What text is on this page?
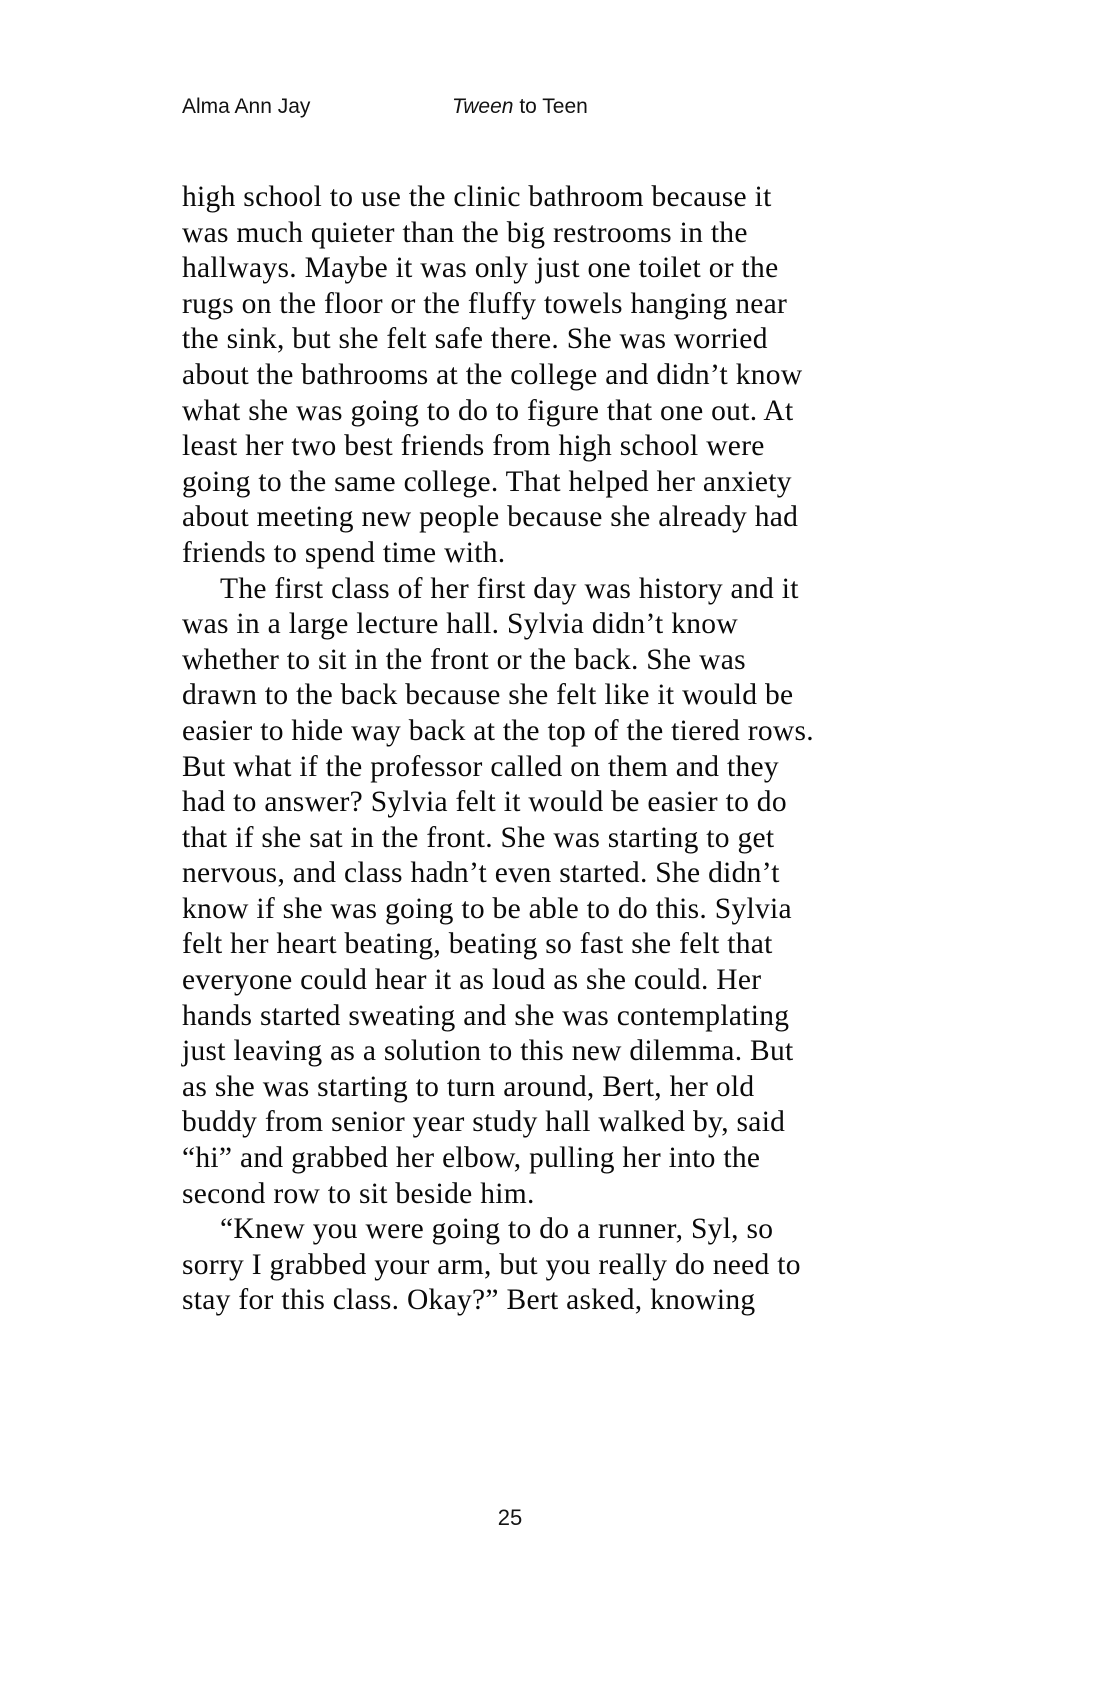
Alma Ann Jay	Tween to Teen

high school to use the clinic bathroom because it
was much quieter than the big restrooms in the
hallways. Maybe it was only just one toilet or the
rugs on the floor or the fluffy towels hanging near
the sink, but she felt safe there. She was worried
about the bathrooms at the college and didn’t know
what she was going to do to figure that one out. At
least her two best friends from high school were
going to the same college. That helped her anxiety
about meeting new people because she already had
friends to spend time with.

The first class of her first day was history and it
was in a large lecture hall. Sylvia didn’t know
whether to sit in the front or the back. She was
drawn to the back because she felt like it would be
easier to hide way back at the top of the tiered rows.
But what if the professor called on them and they
had to answer? Sylvia felt it would be easier to do
that if she sat in the front. She was starting to get
nervous, and class hadn’t even started. She didn’t
know if she was going to be able to do this. Sylvia
felt her heart beating, beating so fast she felt that
everyone could hear it as loud as she could. Her
hands started sweating and she was contemplating
just leaving as a solution to this new dilemma. But
as she was starting to turn around, Bert, her old
buddy from senior year study hall walked by, said
“hi” and grabbed her elbow, pulling her into the
second row to sit beside him.

“Knew you were going to do a runner, Syl, so
sorry I grabbed your arm, but you really do need to
stay for this class. Okay?” Bert asked, knowing

25
